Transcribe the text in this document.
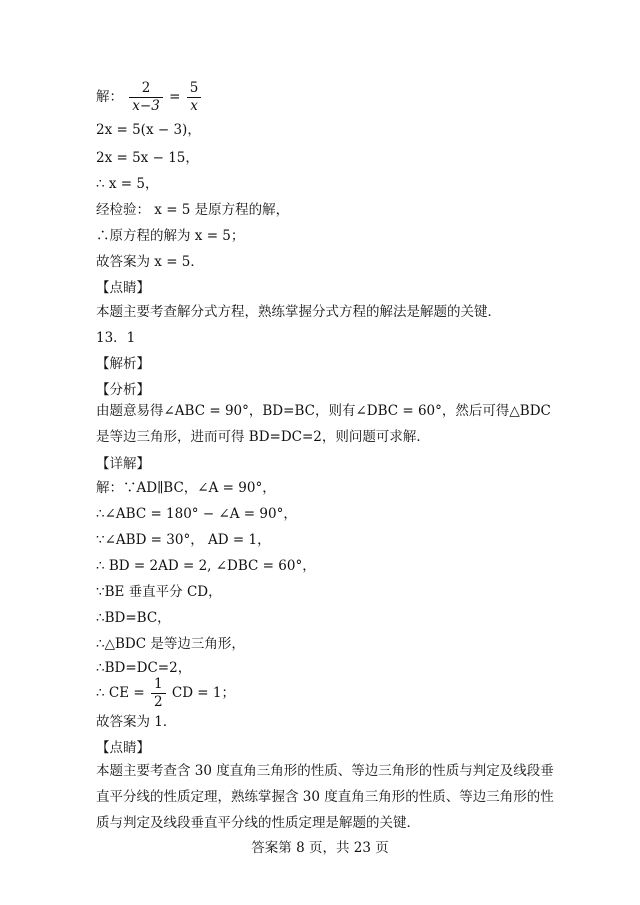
解： $\frac{2}{x-3} = \frac{5}{x}$
2x = 5(x − 3)，
2x = 5x − 15，
∴ x = 5，
经检验： x = 5 是原方程的解，
∴原方程的解为 x = 5；
故答案为 x = 5．
【点睛】
本题主要考查解分式方程，熟练掌握分式方程的解法是解题的关键．
13．1
【解析】
【分析】
由题意易得∠ABC = 90°，BD=BC，则有∠DBC = 60°，然后可得△BDC 是等边三角形，进而可得 BD=DC=2，则问题可求解．
【详解】
解：∵AD∥BC，∠A = 90°，
∴∠ABC = 180° − ∠A = 90°，
∵∠ABD = 30°， AD = 1，
∴ BD = 2AD = 2, ∠DBC = 60°，
∵BE 垂直平分 CD，
∴BD=BC，
∴△BDC 是等边三角形，
∴BD=DC=2，
∴ CE = $\frac{1}{2}$ CD = 1；
故答案为 1．
【点睛】
本题主要考查含 30 度直角三角形的性质、等边三角形的性质与判定及线段垂直平分线的性质定理，熟练掌握含 30 度直角三角形的性质、等边三角形的性质与判定及线段垂直平分线的性质定理是解题的关键．
答案第 8 页，共 23 页
